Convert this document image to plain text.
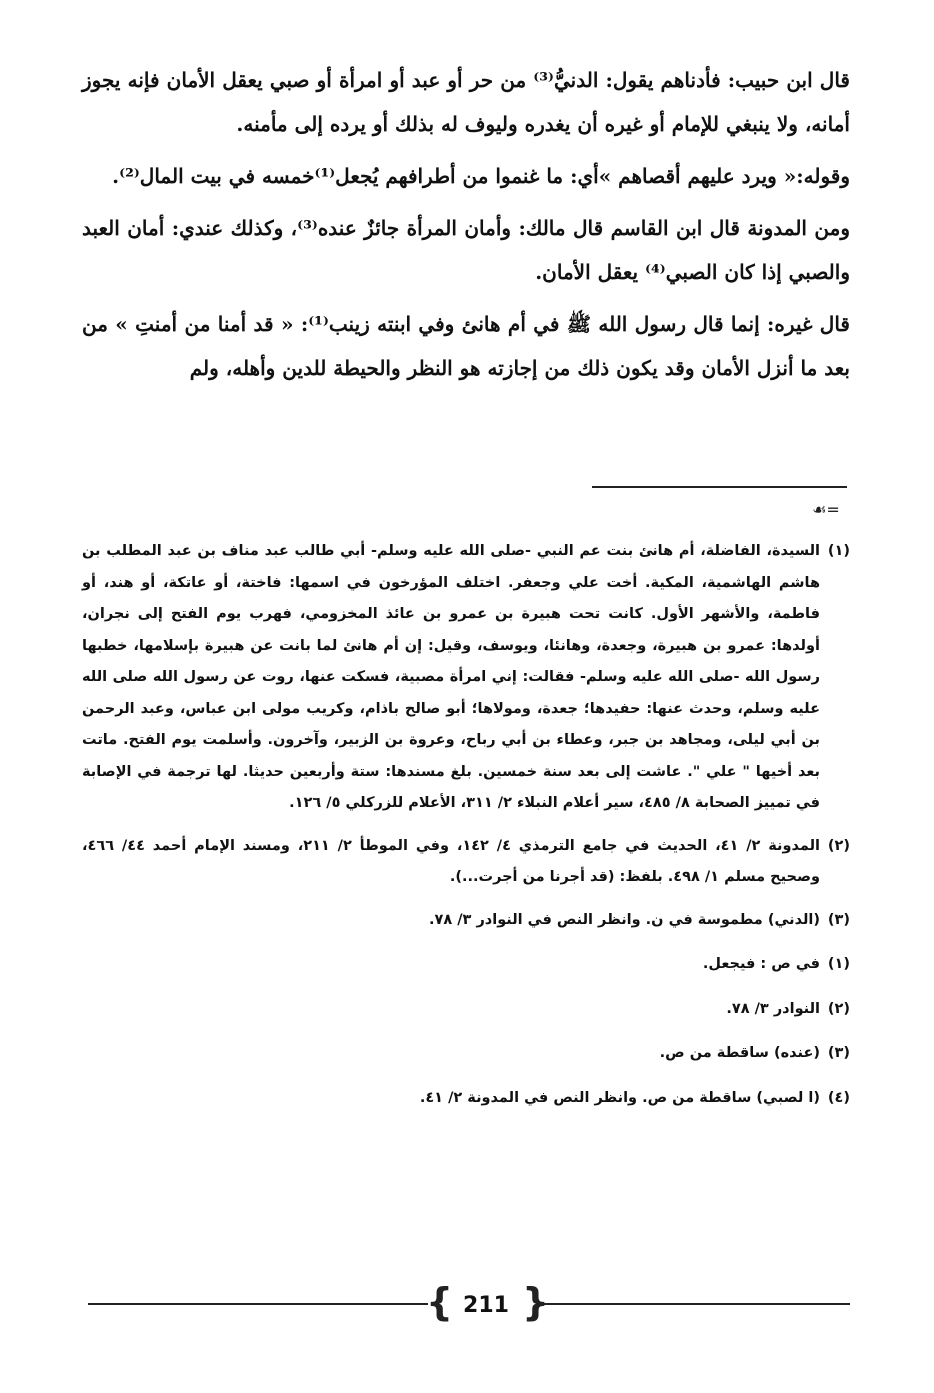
قال ابن حبيب: فأدناهم يقول: الدنيُّ⁽³⁾ من حر أو عبد أو امرأة أو صبي يعقل الأمان فإنه يجوز أمانه، ولا ينبغي للإمام أو غيره أن يغدره وليوف له بذلك أو يرده إلى مأمنه.

وقوله:« ويرد عليهم أقصاهم »أي: ما غنموا من أطرافهم يُجعل⁽¹⁾خمسه في بيت المال⁽²⁾.

ومن المدونة قال ابن القاسم قال مالك: وأمان المرأة جائزٌ عنده⁽³⁾، وكذلك عندي: أمان العبد والصبي إذا كان الصبي⁽⁴⁾ يعقل الأمان.

قال غيره: إنما قال رسول الله ﷺ في أم هانئ وفي ابنته زينب⁽¹⁾: « قد أمنا من أمنتِ » من بعد ما أنزل الأمان وقد يكون ذلك من إجازته هو النظر والحيطة للدين وأهله، ولم

☙=
(١)
السيدة، الفاضلة، أم هانئ بنت عم النبي -صلى الله عليه وسلم- أبي طالب عبد مناف بن عبد المطلب بن هاشم الهاشمية، المكية. أخت علي وجعفر. اختلف المؤرخون في اسمها: فاختة، أو عاتكة، أو هند، أو فاطمة، والأشهر الأول. كانت تحت هبيرة بن عمرو بن عائذ المخزومي، فهرب يوم الفتح إلى نجران، أولدها: عمرو بن هبيرة، وجعدة، وهانئا، ويوسف، وقيل: إن أم هانئ لما بانت عن هبيرة بإسلامها، خطبها رسول الله -صلى الله عليه وسلم- فقالت: إني امرأة مصبية، فسكت عنها، روت عن رسول الله صلى الله عليه وسلم، وحدث عنها: حفيدها؛ جعدة، ومولاها؛ أبو صالح باذام، وكريب مولى ابن عباس، وعبد الرحمن بن أبي ليلى، ومجاهد بن جبر، وعطاء بن أبي رباح، وعروة بن الزبير، وآخرون. وأسلمت يوم الفتح. ماتت بعد أخيها " علي ". عاشت إلى بعد سنة خمسين. بلغ مسندها: ستة وأربعين حديثا. لها ترجمة في الإصابة في تمييز الصحابة ٨/ ٤٨٥، سير أعلام النبلاء ٢/ ٣١١، الأعلام للزركلي ٥/ ١٢٦.
(٢)
المدونة ٢/ ٤١، الحديث في جامع الترمذي ٤/ ١٤٢، وفي الموطأ ٢/ ٢١١، ومسند الإمام أحمد ٤٤/ ٤٦٦، وصحيح مسلم ١/ ٤٩٨. بلفظ: (قد أجرنا من أجرت...).
(٣)
(الدني) مطموسة في ن. وانظر النص في النوادر ٣/ ٧٨.
(١)
في ص : فيجعل.
(٢)
النوادر ٣/ ٧٨.
(٣)
(عنده) ساقطة من ص.
(٤)
(ا لصبي) ساقطة من ص. وانظر النص في المدونة ٢/ ٤١.
{ 211 }
